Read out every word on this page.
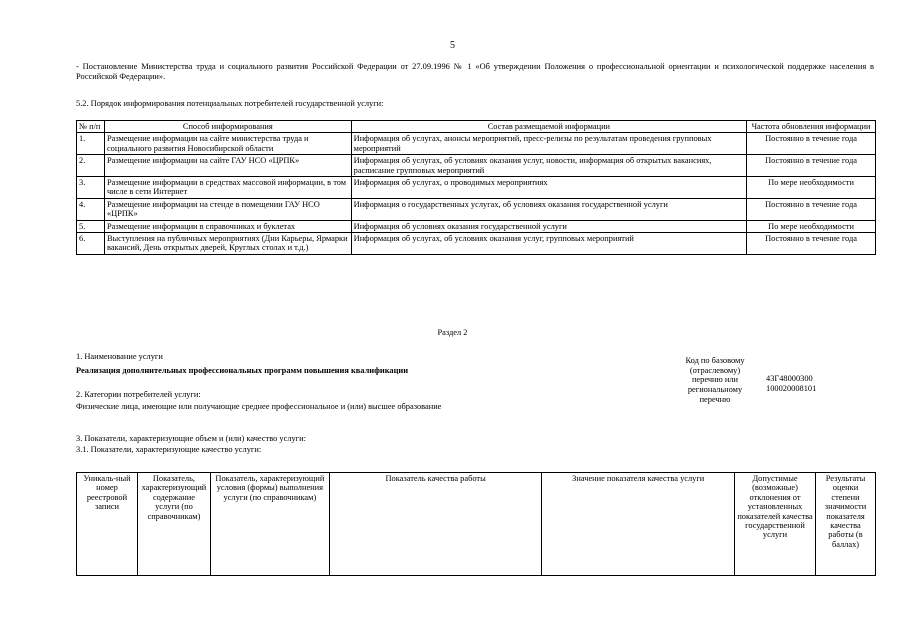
5
- Постановление Министерства труда и социального развития Российской Федерации от 27.09.1996 № 1 «Об утверждении Положения о профессиональной ориентации и психологической поддержке населения в Российской Федерации».
5.2. Порядок информирования потенциальных потребителей государственной услуги:
№ п/п	Способ информирования	Состав размещаемой информации	Частота обновления информации
1.	Размещение информации на сайте министерства труда и социального развития Новосибирской области	Информация об услугах, анонсы мероприятий, пресс-релизы по результатам проведения групповых мероприятий	Постоянно в течение года
2.	Размещение информации на сайте ГАУ НСО «ЦРПК»	Информация об услугах, об условиях оказания услуг, новости, информация об открытых вакансиях, расписание групповых мероприятий	Постоянно в течение года
3.	Размещение информации в средствах массовой информации, в том числе в сети Интернет	Информация об услугах, о проводимых мероприятиях	По мере необходимости
4.	Размещение информации на стенде в помещении ГАУ НСО «ЦРПК»	Информация о государственных услугах, об условиях оказания государственной услуги	Постоянно в течение года
5.	Размещение информации в справочниках и буклетах	Информация об условиях оказания государственной услуги	По мере необходимости
6.	Выступления на публичных мероприятиях (Дни Карьеры, Ярмарки вакансий, День открытых дверей, Круглых столах и т.д.)	Информация об услугах, об условиях оказания услуг, групповых мероприятий	Постоянно в течение года
Раздел 2
1. Наименование услуги
Реализация дополнительных профессиональных программ повышения квалификации
Код по базовому (отраслевому) перечню или региональному перечню
43Г48000300
100020008101
2. Категории потребителей услуги:
Физические лица, имеющие или получающие среднее профессиональное и (или) высшее образование
3. Показатели, характеризующие объем и (или) качество услуги:
3.1. Показатели, характеризующие качество услуги:
Уникаль-ный номер реестровой записи	Показатель, характеризующий содержание услуги (по справочникам)	Показатель, характеризующий условия (формы) выполнения услуги (по справочникам)	Показатель качества работы	Значение показателя качества услуги	Допустимые (возможные) отклонения от установленных показателей качества государственной услуги	Результаты оценки степени значимости показателя качества работы (в баллах)
